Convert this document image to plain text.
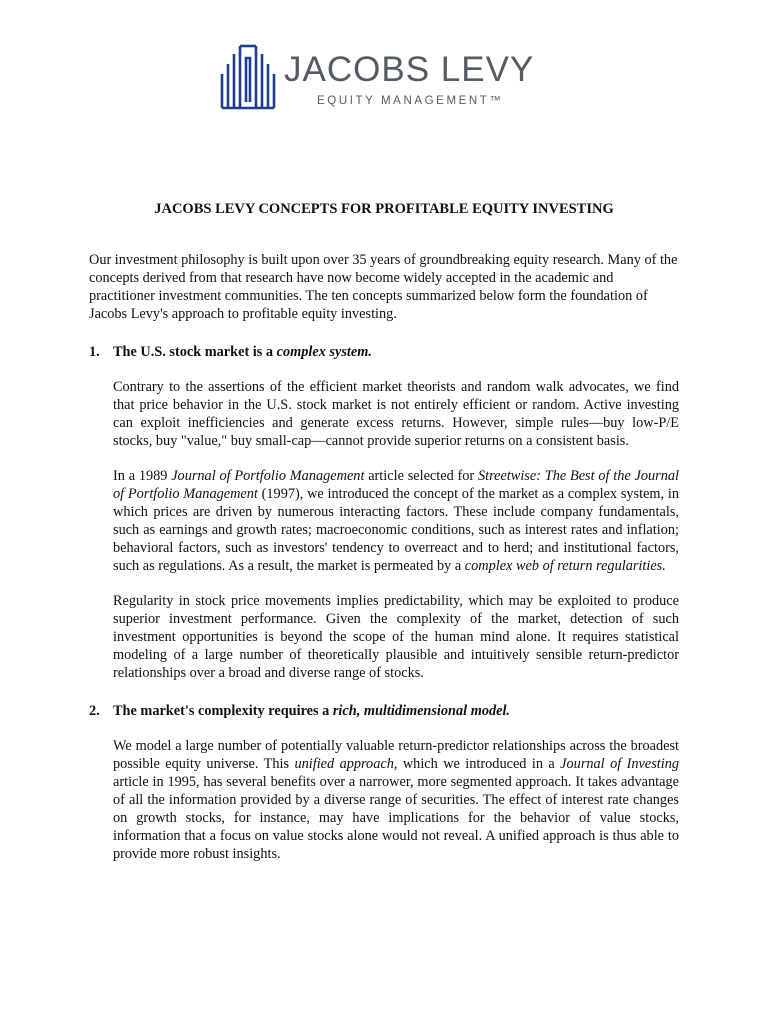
JACOBS LEVY
EQUITY MANAGEMENT™
JACOBS LEVY CONCEPTS FOR PROFITABLE EQUITY INVESTING

Our investment philosophy is built upon over 35 years of groundbreaking equity research. Many of the concepts derived from that research have now become widely accepted in the academic and practitioner investment communities. The ten concepts summarized below form the foundation of Jacobs Levy's approach to profitable equity investing.

1. The U.S. stock market is a complex system.

Contrary to the assertions of the efficient market theorists and random walk advocates, we find that price behavior in the U.S. stock market is not entirely efficient or random. Active investing can exploit inefficiencies and generate excess returns. However, simple rules—buy low-P/E stocks, buy "value," buy small-cap—cannot provide superior returns on a consistent basis.

In a 1989 Journal of Portfolio Management article selected for Streetwise: The Best of the Journal of Portfolio Management (1997), we introduced the concept of the market as a complex system, in which prices are driven by numerous interacting factors. These include company fundamentals, such as earnings and growth rates; macroeconomic conditions, such as interest rates and inflation; behavioral factors, such as investors' tendency to overreact and to herd; and institutional factors, such as regulations. As a result, the market is permeated by a complex web of return regularities.

Regularity in stock price movements implies predictability, which may be exploited to produce superior investment performance. Given the complexity of the market, detection of such investment opportunities is beyond the scope of the human mind alone. It requires statistical modeling of a large number of theoretically plausible and intuitively sensible return-predictor relationships over a broad and diverse range of stocks.

2. The market's complexity requires a rich, multidimensional model.

We model a large number of potentially valuable return-predictor relationships across the broadest possible equity universe. This unified approach, which we introduced in a Journal of Investing article in 1995, has several benefits over a narrower, more segmented approach. It takes advantage of all the information provided by a diverse range of securities. The effect of interest rate changes on growth stocks, for instance, may have implications for the behavior of value stocks, information that a focus on value stocks alone would not reveal. A unified approach is thus able to provide more robust insights.
